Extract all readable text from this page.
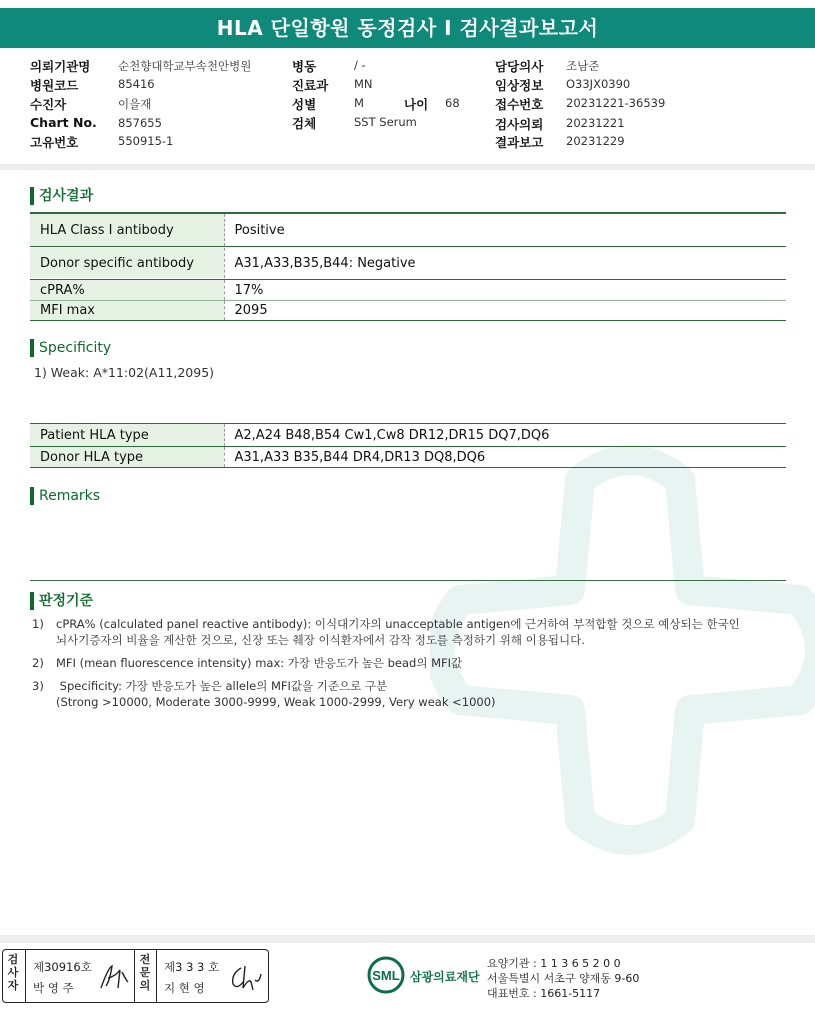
HLA 단일항원 동정검사 I 검사결과보고서
의뢰기관명 순천향대학교부속천안병원
병원코드	85416
수진자	이을재
Chart No. 857655
고유번호	550915-1
병동	/ -
진료과 MN
성별	M	나이 68
검체	SST Serum
담당의사 조남준
임상정보 O33JX0390
접수번호 20231221-36539
검사의뢰 20231221
결과보고 20231229
검사결과
HLA Class I antibody	Positive
Donor specific antibody	A31,A33,B35,B44: Negative
cPRA%	17%
MFI max	2095
Specificity
1) Weak: A*11:02(A11,2095)
Patient HLA type	A2,A24 B48,B54 Cw1,Cw8 DR12,DR15 DQ7,DQ6
Donor HLA type	A31,A33 B35,B44 DR4,DR13 DQ8,DQ6
Remarks
판정기준
1) cPRA% (calculated panel reactive antibody): 이식대기자의 unacceptable antigen에 근거하여 부적합할 것으로 예상되는 한국인
뇌사기증자의 비율을 계산한 것으로, 신장 또는 췌장 이식환자에서 감작 정도를 측정하기 위해 이용됩니다.
2) MFI (mean fluorescence intensity) max: 가장 반응도가 높은 bead의 MFI값
3) Specificity: 가장 반응도가 높은 allele의 MFI값을 기준으로 구분
(Strong >10000, Moderate 3000-9999, Weak 1000-2999, Very weak <1000)
검사자
제30916호
박 영 주
전문의
제3 3 3 호
지 현 영
SML 삼광의료재단
요양기관 : 1 1 3 6 5 2 0 0
서울특별시 서초구 양재동 9-60
대표번호 : 1661-5117
